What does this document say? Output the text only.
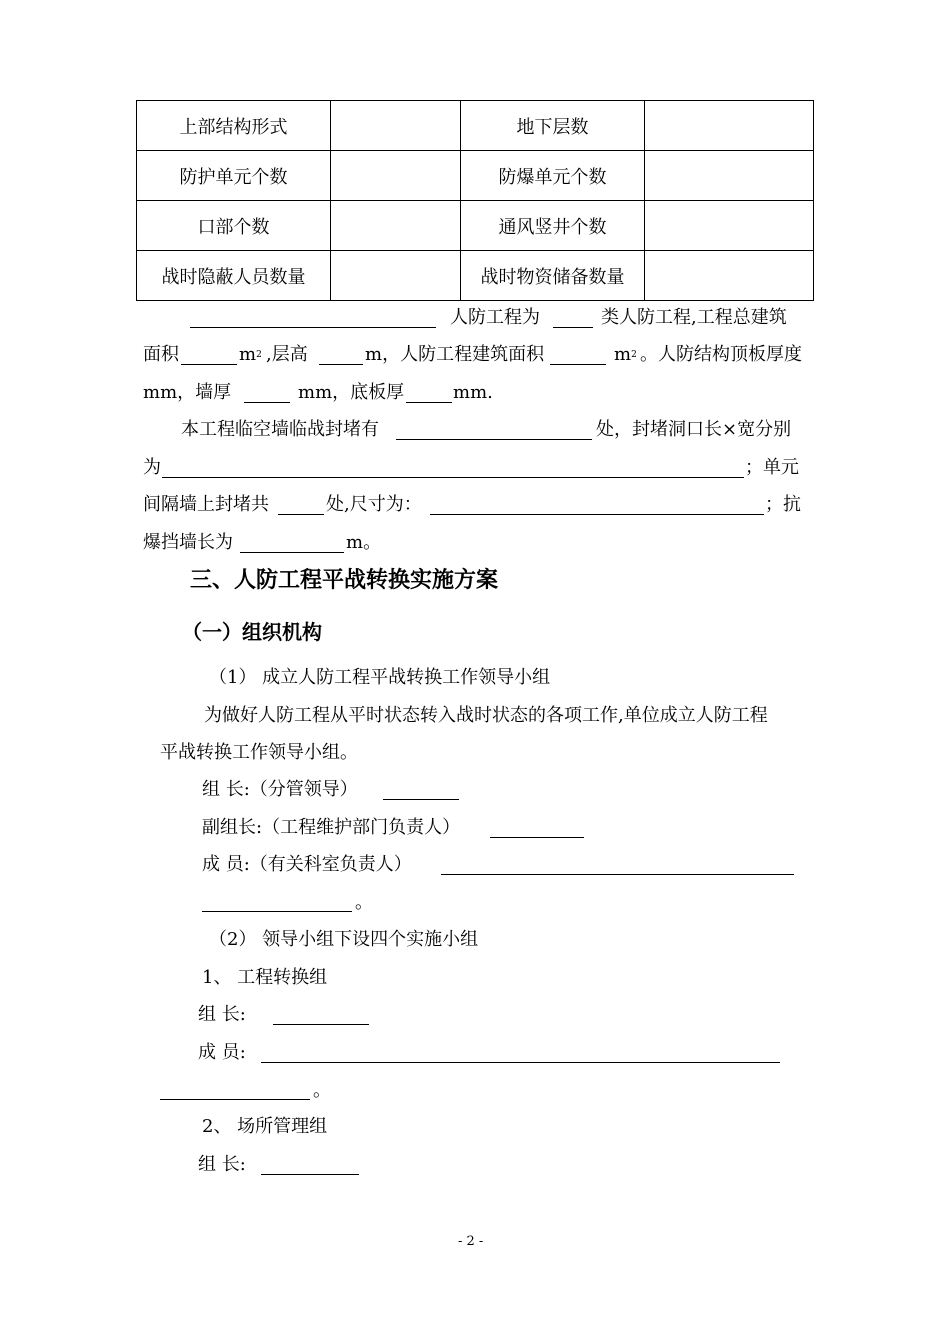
上部结构形式		地下层数	
防护单元个数		防爆单元个数	
口部个数		通风竖井个数	
战时隐蔽人员数量		战时物资储备数量	
人防工程为	类人防工程,工程总建筑
面积	$m^2$ ,层高	m，人防工程建筑面积	$m^2$ 。人防结构顶板厚度
mm，墙厚	mm，底板厚	mm.
本工程临空墙临战封堵有	处，封堵洞口长×宽分别
为	；单元
间隔墙上封堵共	处,尺寸为：	；抗
爆挡墙长为	m。
三、人防工程平战转换实施方案
（一）组织机构
（1） 成立人防工程平战转换工作领导小组
为做好人防工程从平时状态转入战时状态的各项工作,单位成立人防工程
平战转换工作领导小组。
组 长:（分管领导）
副组长:（工程维护部门负责人）
成 员:（有关科室负责人）
。
（2） 领导小组下设四个实施小组
1、 工程转换组
组 长:
成 员:
。
2、 场所管理组
组 长:
- 2 -
